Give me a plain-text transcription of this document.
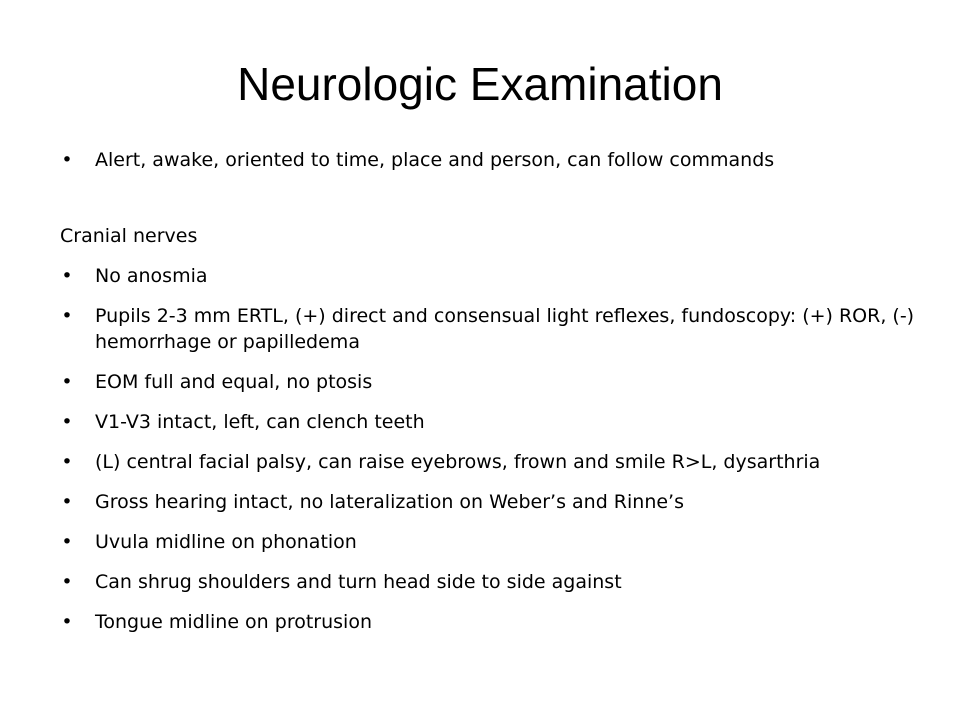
Neurologic Examination
• Alert, awake, oriented to time, place and person, can follow commands
Cranial nerves
• No anosmia
• Pupils 2-3 mm ERTL, (+) direct and consensual light reflexes, fundoscopy: (+) ROR, (-) hemorrhage or papilledema
• EOM full and equal, no ptosis
• V1-V3 intact, left, can clench teeth
• (L) central facial palsy, can raise eyebrows, frown and smile R>L, dysarthria
• Gross hearing intact, no lateralization on Weber’s and Rinne’s
• Uvula midline on phonation
• Can shrug shoulders and turn head side to side against
• Tongue midline on protrusion
